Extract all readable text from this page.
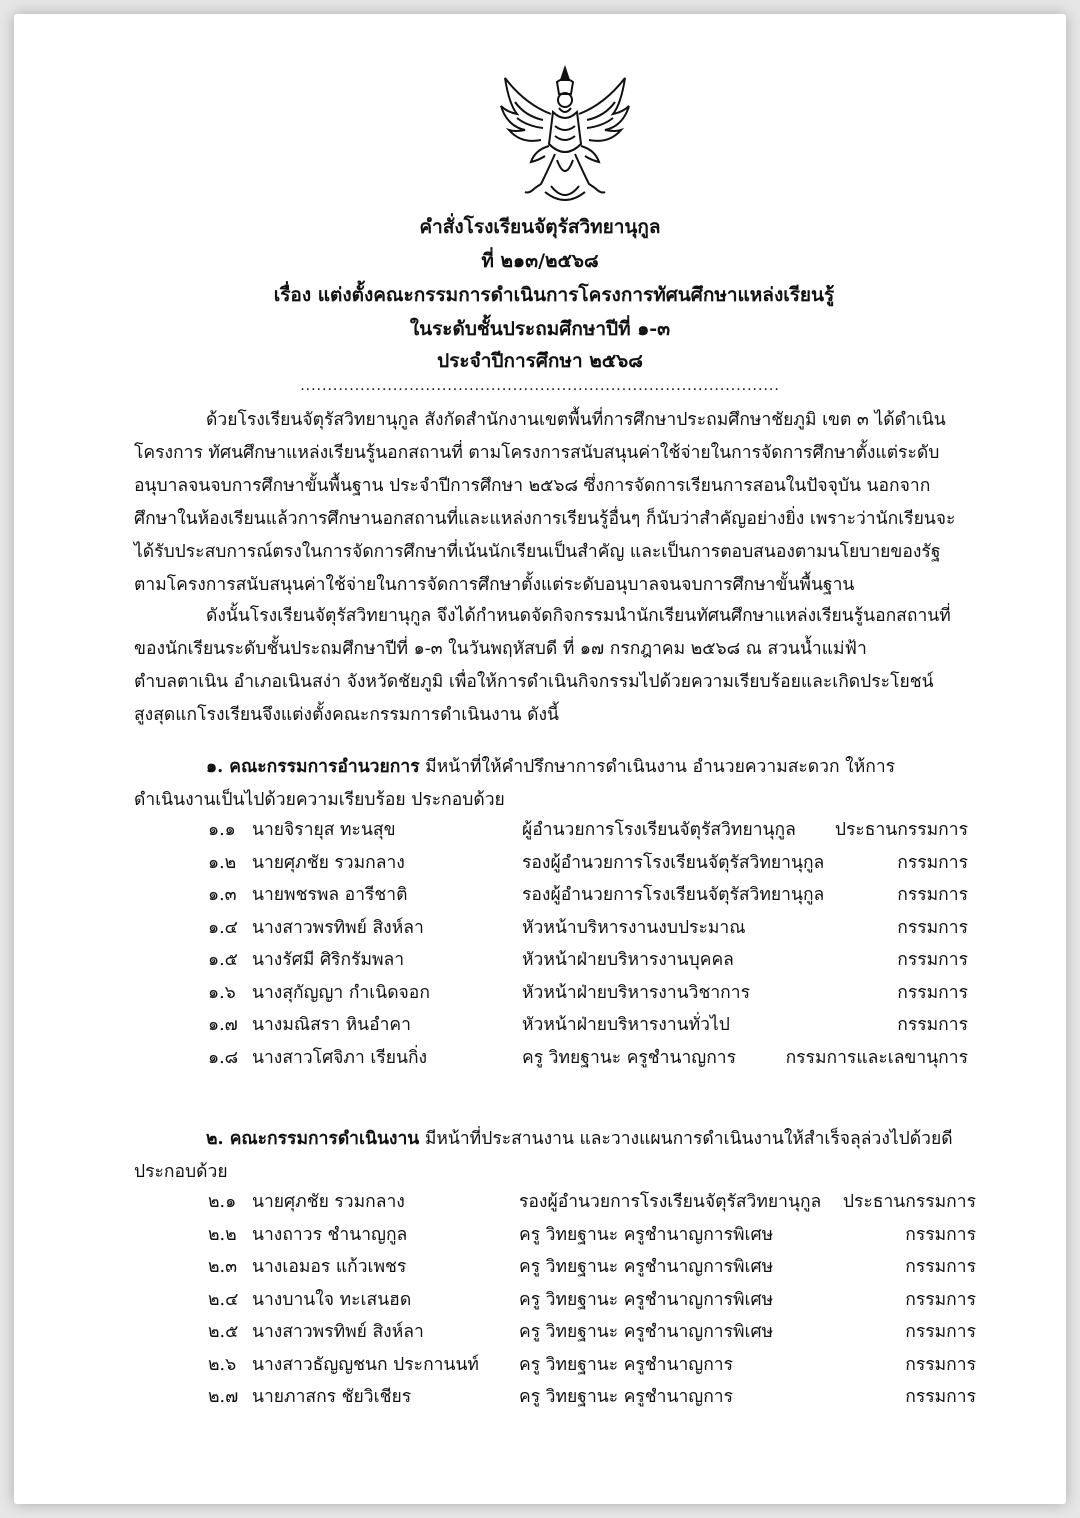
คำสั่งโรงเรียนจัตุรัสวิทยานุกูล
ที่ ๒๑๓/๒๕๖๘
เรื่อง แต่งตั้งคณะกรรมการดำเนินการโครงการทัศนศึกษาแหล่งเรียนรู้
ในระดับชั้นประถมศึกษาปีที่ ๑-๓
ประจำปีการศึกษา ๒๕๖๘
........................................................................................
ด้วยโรงเรียนจัตุรัสวิทยานุกูล สังกัดสำนักงานเขตพื้นที่การศึกษาประถมศึกษาชัยภูมิ เขต ๓ ได้ดำเนิน
โครงการ ทัศนศึกษาแหล่งเรียนรู้นอกสถานที่ ตามโครงการสนับสนุนค่าใช้จ่ายในการจัดการศึกษาตั้งแต่ระดับ
อนุบาลจนจบการศึกษาขั้นพื้นฐาน ประจำปีการศึกษา ๒๕๖๘ ซึ่งการจัดการเรียนการสอนในปัจจุบัน นอกจาก
ศึกษาในห้องเรียนแล้วการศึกษานอกสถานที่และแหล่งการเรียนรู้อื่นๆ ก็นับว่าสำคัญอย่างยิ่ง เพราะว่านักเรียนจะ
ได้รับประสบการณ์ตรงในการจัดการศึกษาที่เน้นนักเรียนเป็นสำคัญ และเป็นการตอบสนองตามนโยบายของรัฐ
ตามโครงการสนับสนุนค่าใช้จ่ายในการจัดการศึกษาตั้งแต่ระดับอนุบาลจนจบการศึกษาขั้นพื้นฐาน
ดังนั้นโรงเรียนจัตุรัสวิทยานุกูล จึงได้กำหนดจัดกิจกรรมนำนักเรียนทัศนศึกษาแหล่งเรียนรู้นอกสถานที่
ของนักเรียนระดับชั้นประถมศึกษาปีที่ ๑-๓ ในวันพฤหัสบดี ที่ ๑๗ กรกฎาคม ๒๕๖๘ ณ สวนน้ำแม่ฟ้า
ตำบลตาเนิน อำเภอเนินสง่า จังหวัดชัยภูมิ เพื่อให้การดำเนินกิจกรรมไปด้วยความเรียบร้อยและเกิดประโยชน์
สูงสุดแกโรงเรียนจึงแต่งตั้งคณะกรรมการดำเนินงาน ดังนี้
๑. คณะกรรมการอำนวยการ มีหน้าที่ให้คำปรึกษาการดำเนินงาน อำนวยความสะดวก ให้การ
ดำเนินงานเป็นไปด้วยความเรียบร้อย ประกอบด้วย
๑.๑ นายจิรายุส ทะนสุข	ผู้อำนวยการโรงเรียนจัตุรัสวิทยานุกูล ประธานกรรมการ
๑.๒ นายศุภชัย รวมกลาง	รองผู้อำนวยการโรงเรียนจัตุรัสวิทยานุกูล	กรรมการ
๑.๓ นายพชรพล อารีชาติ	รองผู้อำนวยการโรงเรียนจัตุรัสวิทยานุกูล	กรรมการ
๑.๔ นางสาวพรทิพย์ สิงห์ลา	หัวหน้าบริหารงานงบประมาณ	กรรมการ
๑.๕ นางรัศมี ศิริกรัมพลา	หัวหน้าฝ่ายบริหารงานบุคคล	กรรมการ
๑.๖ นางสุกัญญา กำเนิดจอก	หัวหน้าฝ่ายบริหารงานวิชาการ	กรรมการ
๑.๗ นางมณิสรา หินอำคา	หัวหน้าฝ่ายบริหารงานทั่วไป	กรรมการ
๑.๘ นางสาวโศจิภา เรียนกิ่ง	ครู วิทยฐานะ ครูชำนาญการ	กรรมการและเลขานุการ
๒. คณะกรรมการดำเนินงาน มีหน้าที่ประสานงาน และวางแผนการดำเนินงานให้สำเร็จลุล่วงไปด้วยดี
ประกอบด้วย
๒.๑ นายศุภชัย รวมกลาง	รองผู้อำนวยการโรงเรียนจัตุรัสวิทยานุกูล ประธานกรรมการ
๒.๒ นางถาวร ชำนาญกูล	ครู วิทยฐานะ ครูชำนาญการพิเศษ	กรรมการ
๒.๓ นางเอมอร แก้วเพชร	ครู วิทยฐานะ ครูชำนาญการพิเศษ	กรรมการ
๒.๔ นางบานใจ ทะเสนฮด	ครู วิทยฐานะ ครูชำนาญการพิเศษ	กรรมการ
๒.๕ นางสาวพรทิพย์ สิงห์ลา	ครู วิทยฐานะ ครูชำนาญการพิเศษ	กรรมการ
๒.๖ นางสาวธัญญชนก ประกานนท์ ครู วิทยฐานะ ครูชำนาญการ	กรรมการ
๒.๗ นายภาสกร ชัยวิเชียร	ครู วิทยฐานะ ครูชำนาญการ	กรรมการ
